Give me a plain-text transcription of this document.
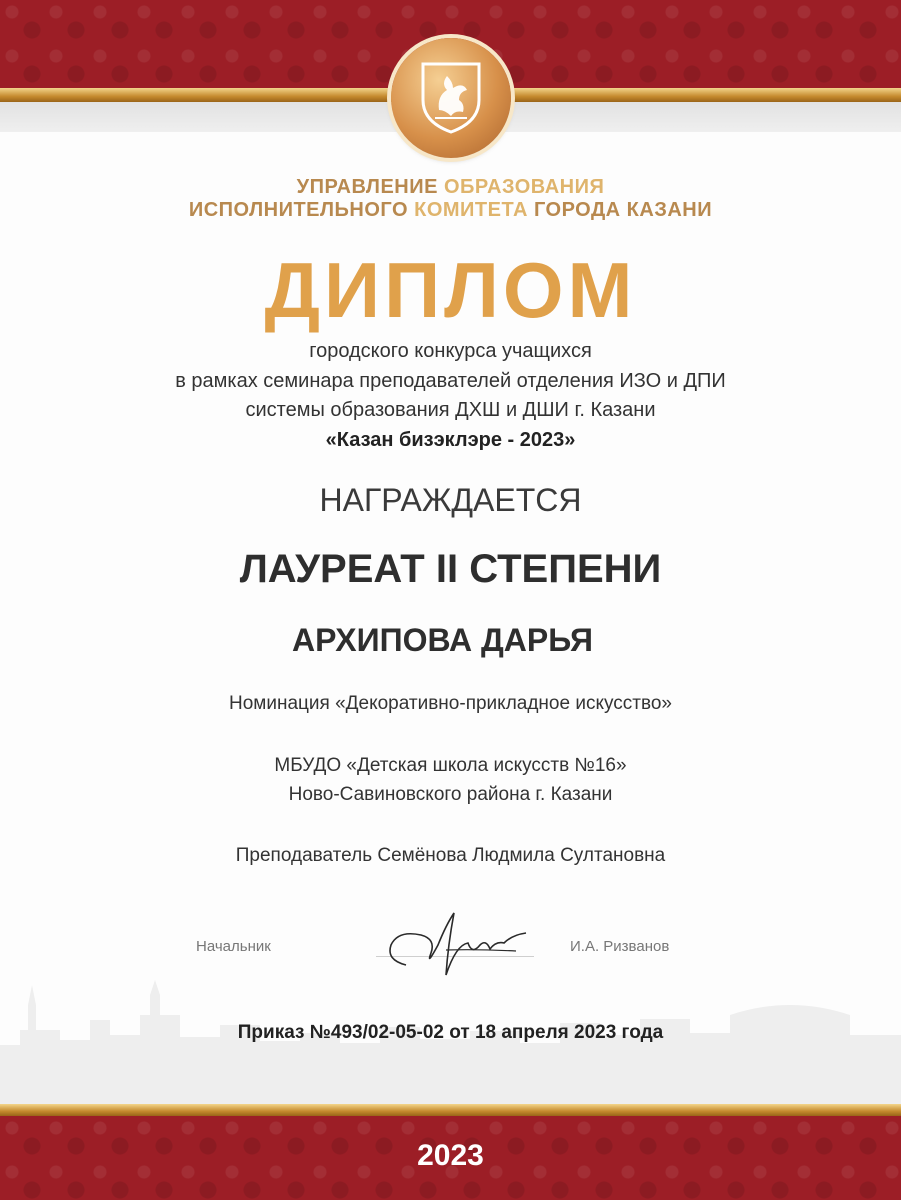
УПРАВЛЕНИЕ ОБРАЗОВАНИЯ
ИСПОЛНИТЕЛЬНОГО КОМИТЕТА ГОРОДА КАЗАНИ
ДИПЛОМ
городского конкурса учащихся
в рамках семинара преподавателей отделения ИЗО и ДПИ
системы образования ДХШ и ДШИ г. Казани
«Казан бизэклэре - 2023»
НАГРАЖДАЕТСЯ
ЛАУРЕАТ II СТЕПЕНИ
АРХИПОВА ДАРЬЯ
Номинация «Декоративно-прикладное искусство»
МБУДО «Детская школа искусств №16»
Ново-Савиновского района г. Казани
Преподаватель Семёнова Людмила Султановна
Начальник	И.А. Ризванов
Приказ №493/02-05-02 от 18 апреля 2023 года
2023
